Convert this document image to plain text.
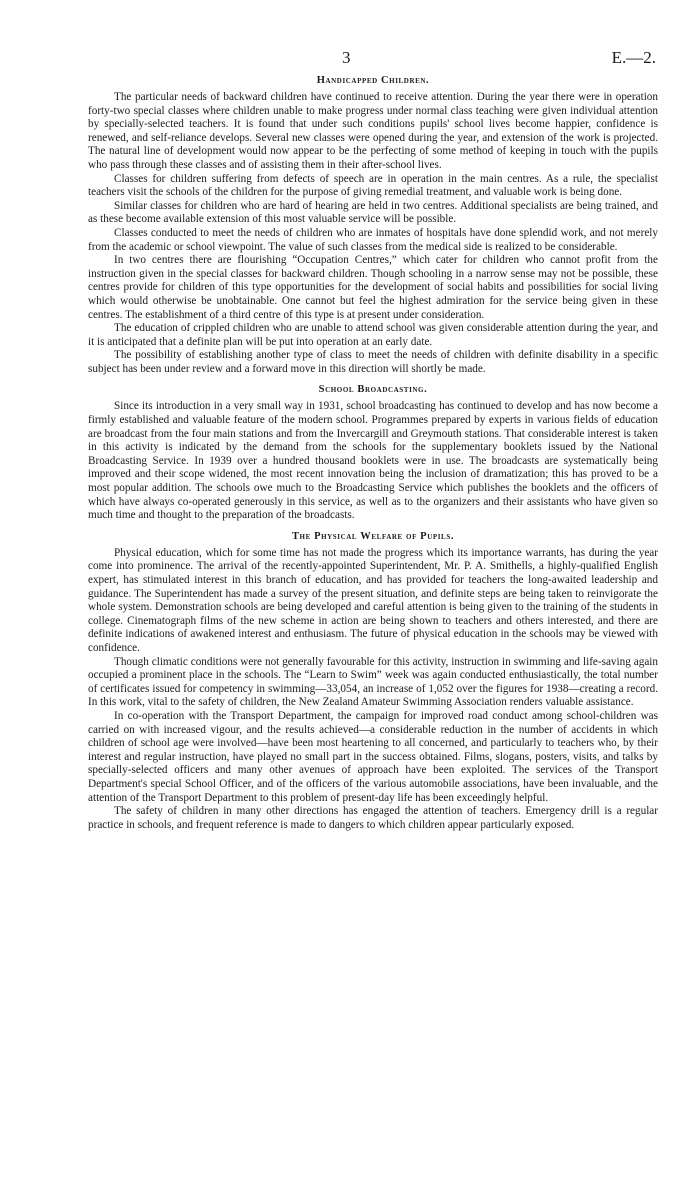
3	E.—2.
Handicapped Children.

The particular needs of backward children have continued to receive attention. During the year there were in operation forty-two special classes where children unable to make progress under normal class teaching were given individual attention by specially-selected teachers. It is found that under such conditions pupils' school lives become happier, confidence is renewed, and self-reliance develops. Several new classes were opened during the year, and extension of the work is projected. The natural line of development would now appear to be the perfecting of some method of keeping in touch with the pupils who pass through these classes and of assisting them in their after-school lives.

Classes for children suffering from defects of speech are in operation in the main centres. As a rule, the specialist teachers visit the schools of the children for the purpose of giving remedial treatment, and valuable work is being done.

Similar classes for children who are hard of hearing are held in two centres. Additional specialists are being trained, and as these become available extension of this most valuable service will be possible.

Classes conducted to meet the needs of children who are inmates of hospitals have done splendid work, and not merely from the academic or school viewpoint. The value of such classes from the medical side is realized to be considerable.

In two centres there are flourishing “Occupation Centres,” which cater for children who cannot profit from the instruction given in the special classes for backward children. Though schooling in a narrow sense may not be possible, these centres provide for children of this type opportunities for the development of social habits and possibilities for social living which would otherwise be unobtainable. One cannot but feel the highest admiration for the service being given in these centres. The establishment of a third centre of this type is at present under consideration.

The education of crippled children who are unable to attend school was given considerable attention during the year, and it is anticipated that a definite plan will be put into operation at an early date.

The possibility of establishing another type of class to meet the needs of children with definite disability in a specific subject has been under review and a forward move in this direction will shortly be made.

School Broadcasting.

Since its introduction in a very small way in 1931, school broadcasting has continued to develop and has now become a firmly established and valuable feature of the modern school. Programmes prepared by experts in various fields of education are broadcast from the four main stations and from the Invercargill and Greymouth stations. That considerable interest is taken in this activity is indicated by the demand from the schools for the supplementary booklets issued by the National Broadcasting Service. In 1939 over a hundred thousand booklets were in use. The broadcasts are systematically being improved and their scope widened, the most recent innovation being the inclusion of dramatization; this has proved to be a most popular addition. The schools owe much to the Broadcasting Service which publishes the booklets and the officers of which have always co-operated generously in this service, as well as to the organizers and their assistants who have given so much time and thought to the preparation of the broadcasts.

The Physical Welfare of Pupils.

Physical education, which for some time has not made the progress which its importance warrants, has during the year come into prominence. The arrival of the recently-appointed Superintendent, Mr. P. A. Smithells, a highly-qualified English expert, has stimulated interest in this branch of education, and has provided for teachers the long-awaited leadership and guidance. The Superintendent has made a survey of the present situation, and definite steps are being taken to reinvigorate the whole system. Demonstration schools are being developed and careful attention is being given to the training of the students in college. Cinematograph films of the new scheme in action are being shown to teachers and others interested, and there are definite indications of awakened interest and enthusiasm. The future of physical education in the schools may be viewed with confidence.

Though climatic conditions were not generally favourable for this activity, instruction in swimming and life-saving again occupied a prominent place in the schools. The “Learn to Swim” week was again conducted enthusiastically, the total number of certificates issued for competency in swimming—33,054, an increase of 1,052 over the figures for 1938—creating a record. In this work, vital to the safety of children, the New Zealand Amateur Swimming Association renders valuable assistance.

In co-operation with the Transport Department, the campaign for improved road conduct among school-children was carried on with increased vigour, and the results achieved—a considerable reduction in the number of accidents in which children of school age were involved—have been most heartening to all concerned, and particularly to teachers who, by their interest and regular instruction, have played no small part in the success obtained. Films, slogans, posters, visits, and talks by specially-selected officers and many other avenues of approach have been exploited. The services of the Transport Department's special School Officer, and of the officers of the various automobile associations, have been invaluable, and the attention of the Transport Department to this problem of present-day life has been exceedingly helpful.

The safety of children in many other directions has engaged the attention of teachers. Emergency drill is a regular practice in schools, and frequent reference is made to dangers to which children appear particularly exposed.
